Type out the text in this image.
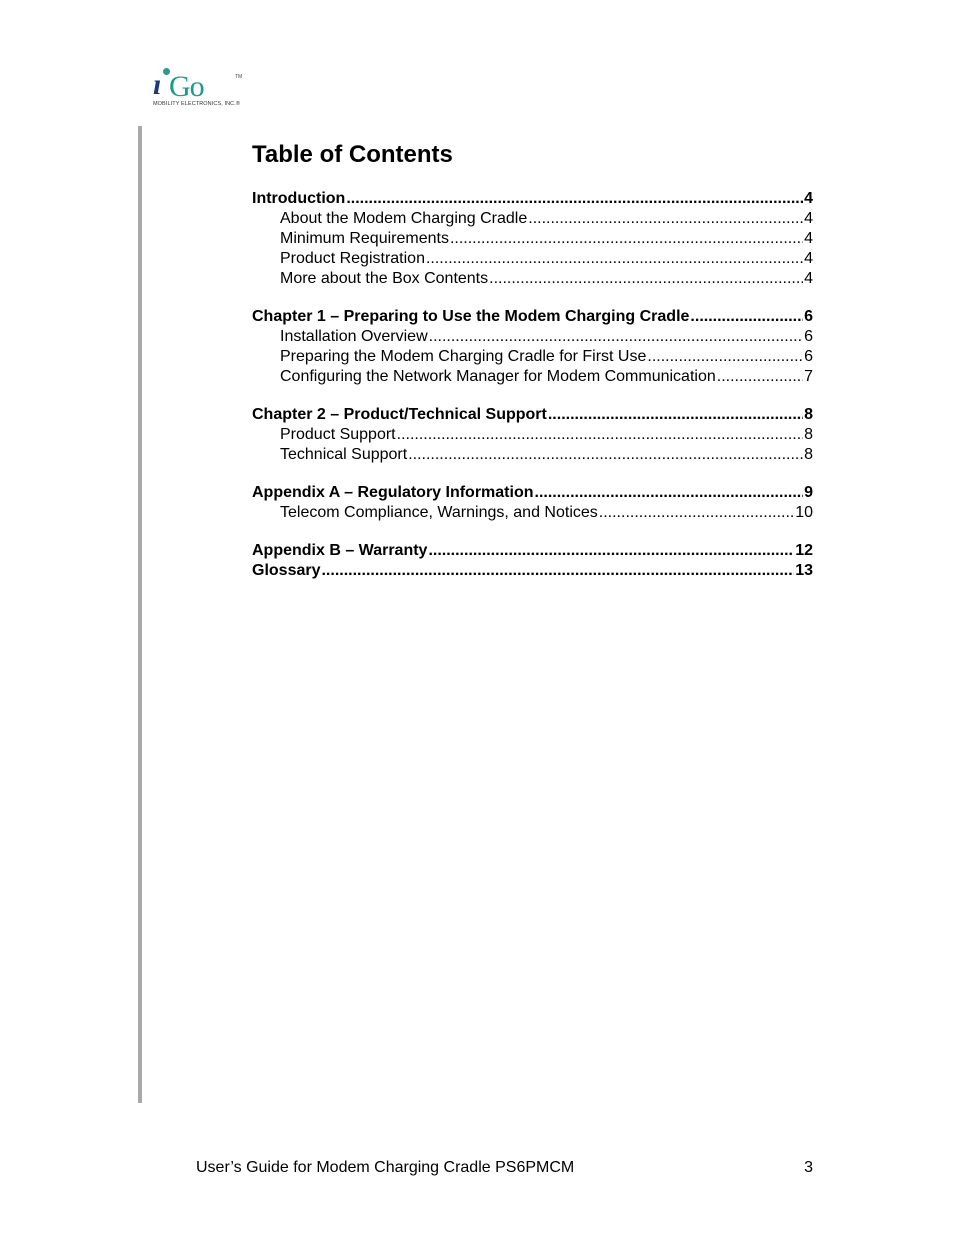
ı Go	TM
MOBILITY ELECTRONICS, INC.®
Table of Contents
Introduction .....	4
About the Modem Charging Cradle .....	4
Minimum Requirements .....	4
Product Registration .....	4
More about the Box Contents .....	4
Chapter 1 – Preparing to Use the Modem Charging Cradle .....	6
Installation Overview .....	6
Preparing the Modem Charging Cradle for First Use .....	6
Configuring the Network Manager for Modem Communication .....	7
Chapter 2 – Product/Technical Support .....	8
Product Support .....	8
Technical Support .....	8
Appendix A – Regulatory Information .....	9
Telecom Compliance, Warnings, and Notices .....	10
Appendix B – Warranty .....	12
Glossary .....	13
User’s Guide for Modem Charging Cradle PS6PMCM	3
